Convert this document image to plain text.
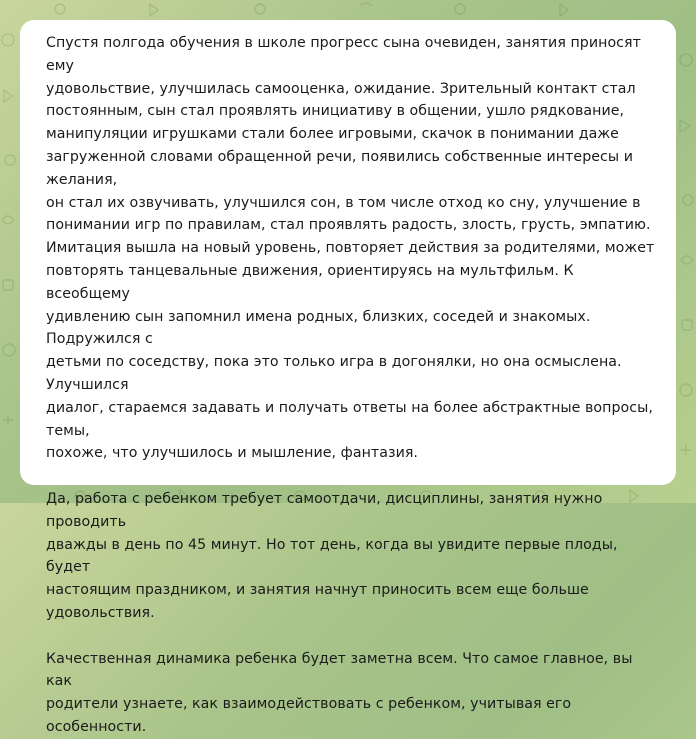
Спустя полгода обучения в школе прогресс сына очевиден, занятия приносят ему
удовольствие, улучшилась самооценка, ожидание. Зрительный контакт стал
постоянным, сын стал проявлять инициативу в общении, ушло рядкование,
манипуляции игрушками стали более игровыми, скачок в понимании даже
загруженной словами обращенной речи, появились собственные интересы и желания,
он стал их озвучивать, улучшился сон, в том числе отход ко сну, улучшение в
понимании игр по правилам, стал проявлять радость, злость, грусть, эмпатию.
Имитация вышла на новый уровень, повторяет действия за родителями, может
повторять танцевальные движения, ориентируясь на мультфильм. К всеобщему
удивлению сын запомнил имена родных, близких, соседей и знакомых. Подружился с
детьми по соседству, пока это только игра в догонялки, но она осмыслена. Улучшился
диалог, стараемся задавать и получать ответы на более абстрактные вопросы, темы,
похоже, что улучшилось и мышление, фантазия.

Да, работа с ребенком требует самоотдачи, дисциплины, занятия нужно проводить
дважды в день по 45 минут. Но тот день, когда вы увидите первые плоды, будет
настоящим праздником, и занятия начнут приносить всем еще больше удовольствия.

Качественная динамика ребенка будет заметна всем. Что самое главное, вы как
родители узнаете, как взаимодействовать с ребенком, учитывая его особенности.
